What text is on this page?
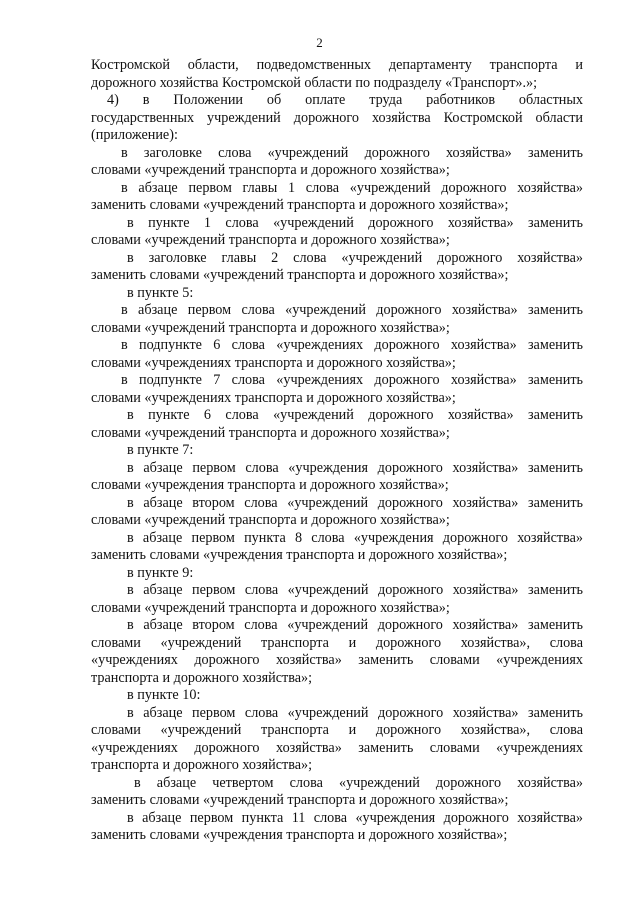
2
Костромской области, подведомственных департаменту транспорта и
дорожного хозяйства Костромской области по подразделу «Транспорт».»;
4) в Положении об оплате труда работников областных
государственных учреждений дорожного хозяйства Костромской области
(приложение):
в заголовке слова «учреждений дорожного хозяйства» заменить
словами «учреждений транспорта и дорожного хозяйства»;
в абзаце первом главы 1 слова «учреждений дорожного хозяйства»
заменить словами «учреждений транспорта и дорожного хозяйства»;
в пункте 1 слова «учреждений дорожного хозяйства» заменить
словами «учреждений транспорта и дорожного хозяйства»;
в заголовке главы 2 слова «учреждений дорожного хозяйства»
заменить словами «учреждений транспорта и дорожного хозяйства»;
в пункте 5:
в абзаце первом слова «учреждений дорожного хозяйства» заменить
словами «учреждений транспорта и дорожного хозяйства»;
в подпункте 6 слова «учреждениях дорожного хозяйства» заменить
словами «учреждениях транспорта и дорожного хозяйства»;
в подпункте 7 слова «учреждениях дорожного хозяйства» заменить
словами «учреждениях транспорта и дорожного хозяйства»;
в пункте 6 слова «учреждений дорожного хозяйства» заменить
словами «учреждений транспорта и дорожного хозяйства»;
в пункте 7:
в абзаце первом слова «учреждения дорожного хозяйства» заменить
словами «учреждения транспорта и дорожного хозяйства»;
в абзаце втором слова «учреждений дорожного хозяйства» заменить
словами «учреждений транспорта и дорожного хозяйства»;
в абзаце первом пункта 8 слова «учреждения дорожного хозяйства»
заменить словами «учреждения транспорта и дорожного хозяйства»;
в пункте 9:
в абзаце первом слова «учреждений дорожного хозяйства» заменить
словами «учреждений транспорта и дорожного хозяйства»;
в абзаце втором слова «учреждений дорожного хозяйства» заменить
словами «учреждений транспорта и дорожного хозяйства», слова
«учреждениях дорожного хозяйства» заменить словами «учреждениях
транспорта и дорожного хозяйства»;
в пункте 10:
в абзаце первом слова «учреждений дорожного хозяйства» заменить
словами «учреждений транспорта и дорожного хозяйства», слова
«учреждениях дорожного хозяйства» заменить словами «учреждениях
транспорта и дорожного хозяйства»;
в абзаце четвертом слова «учреждений дорожного хозяйства»
заменить словами «учреждений транспорта и дорожного хозяйства»;
в абзаце первом пункта 11 слова «учреждения дорожного хозяйства»
заменить словами «учреждения транспорта и дорожного хозяйства»;
